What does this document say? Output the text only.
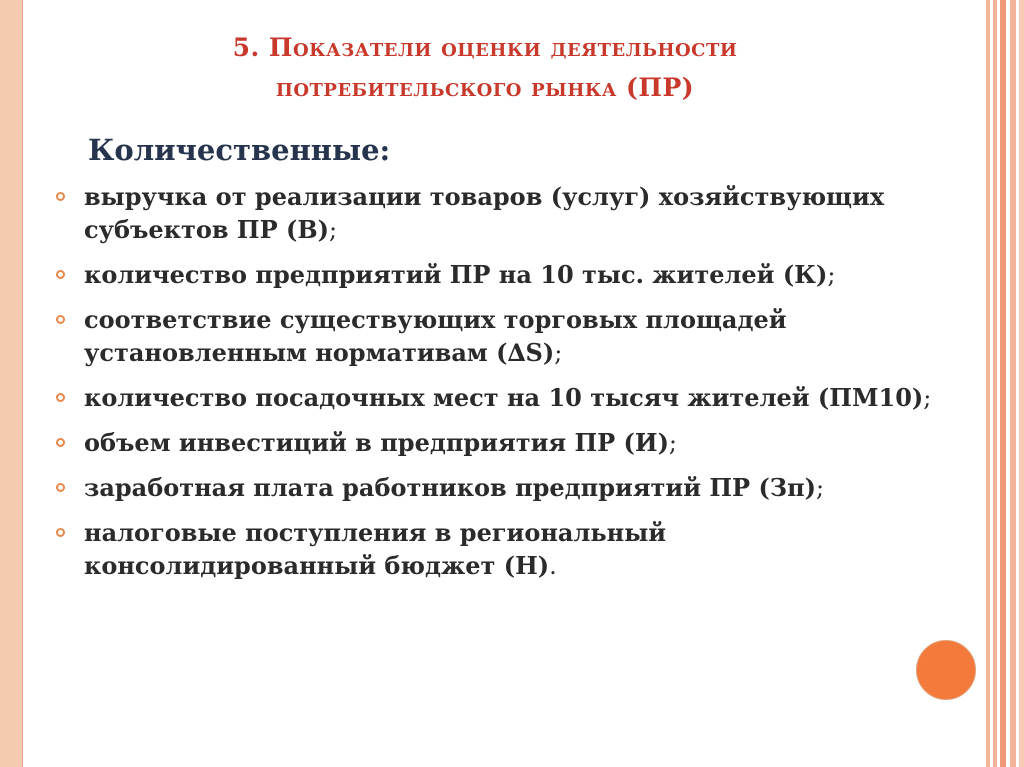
5. Показатели оценки деятельности
потребительского рынка (ПР)
Количественные:
выручка от реализации товаров (услуг) хозяйствующих субъектов ПР (В);
количество предприятий ПР на 10 тыс. жителей (К);
соответствие существующих торговых площадей установленным нормативам (∆S);
количество посадочных мест на 10 тысяч жителей (ПМ10);
объем инвестиций в предприятия ПР (И);
заработная плата работников предприятий ПР (Зп);
налоговые поступления в региональный консолидированный бюджет (Н).
